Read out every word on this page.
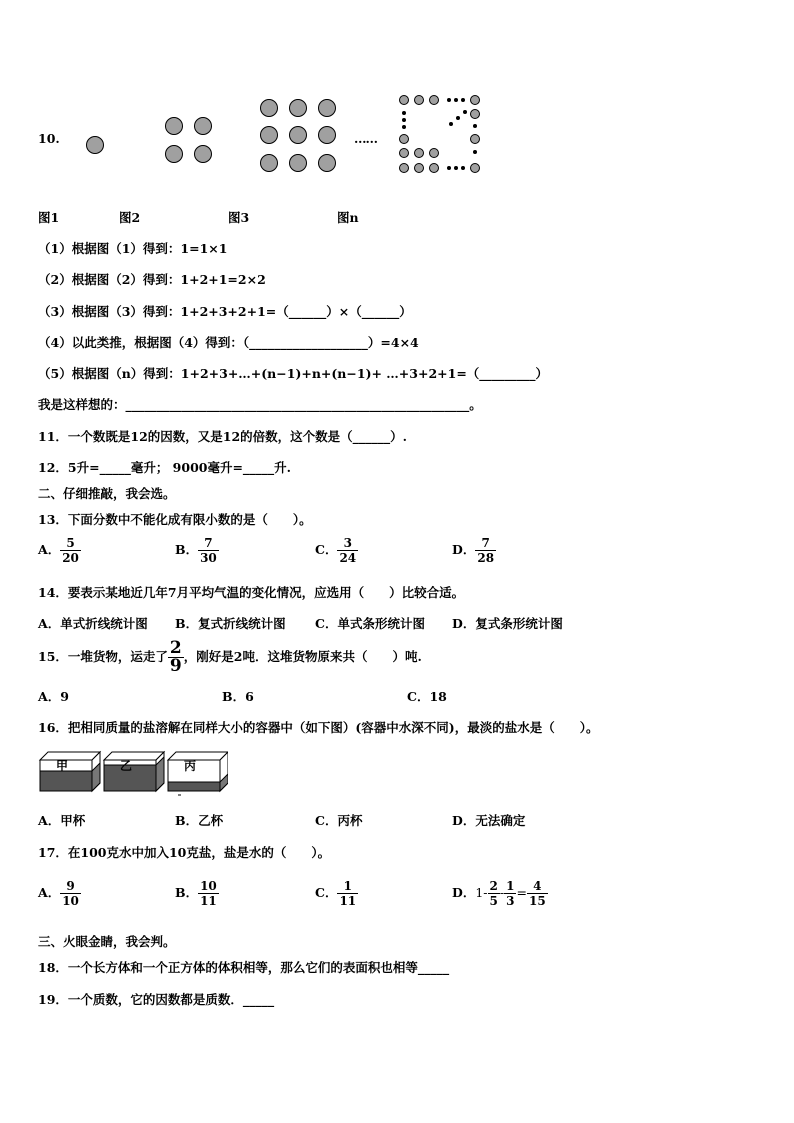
10.	……
图1	图2	图3	图n
（1）根据图（1）得到：1=1×1
（2）根据图（2）得到：1+2+1=2×2
（3）根据图（3）得到：1+2+3+2+1=（______）×（______）
（4）以此类推，根据图（4）得到：（___________________）=4×4
（5）根据图（n）得到：1+2+3+…+(n−1)+n+(n−1)+ …+3+2+1=（_________）
我是这样想的：_______________________________________________________。
11．一个数既是12的因数，又是12的倍数，这个数是（______）.
12．5升=_____毫升； 9000毫升=_____升.
二、仔细推敲，我会选。
13．下面分数中不能化成有限小数的是（　　）。
A． $\frac{5}{20}$	B． $\frac{7}{30}$	C． $\frac{3}{24}$	D． $\frac{7}{28}$
14．要表示某地近几年7月平均气温的变化情况，应选用（　　）比较合适。
A．单式折线统计图 B．复式折线统计图 C．单式条形统计图 D．复式条形统计图
15．一堆货物，运走了 $\frac{2}{9}$ ，刚好是2吨．这堆货物原来共（　　）吨.
A．9	B．6	C．18
16．把相同质量的盐溶解在同样大小的容器中（如下图）(容器中水深不同)，最淡的盐水是（　　）。
甲	乙	丙
A．甲杯	B．乙杯	C．丙杯	D．无法确定
17．在100克水中加入10克盐，盐是水的（　　）。
A． $\frac{9}{10}$	B． $\frac{10}{11}$	C． $\frac{1}{11}$	D．$1- \frac{2}{5} - \frac{1}{3} = \frac{4}{15}$
三、火眼金睛，我会判。
18．一个长方体和一个正方体的体积相等，那么它们的表面积也相等_____
19．一个质数，它的因数都是质数．_____
